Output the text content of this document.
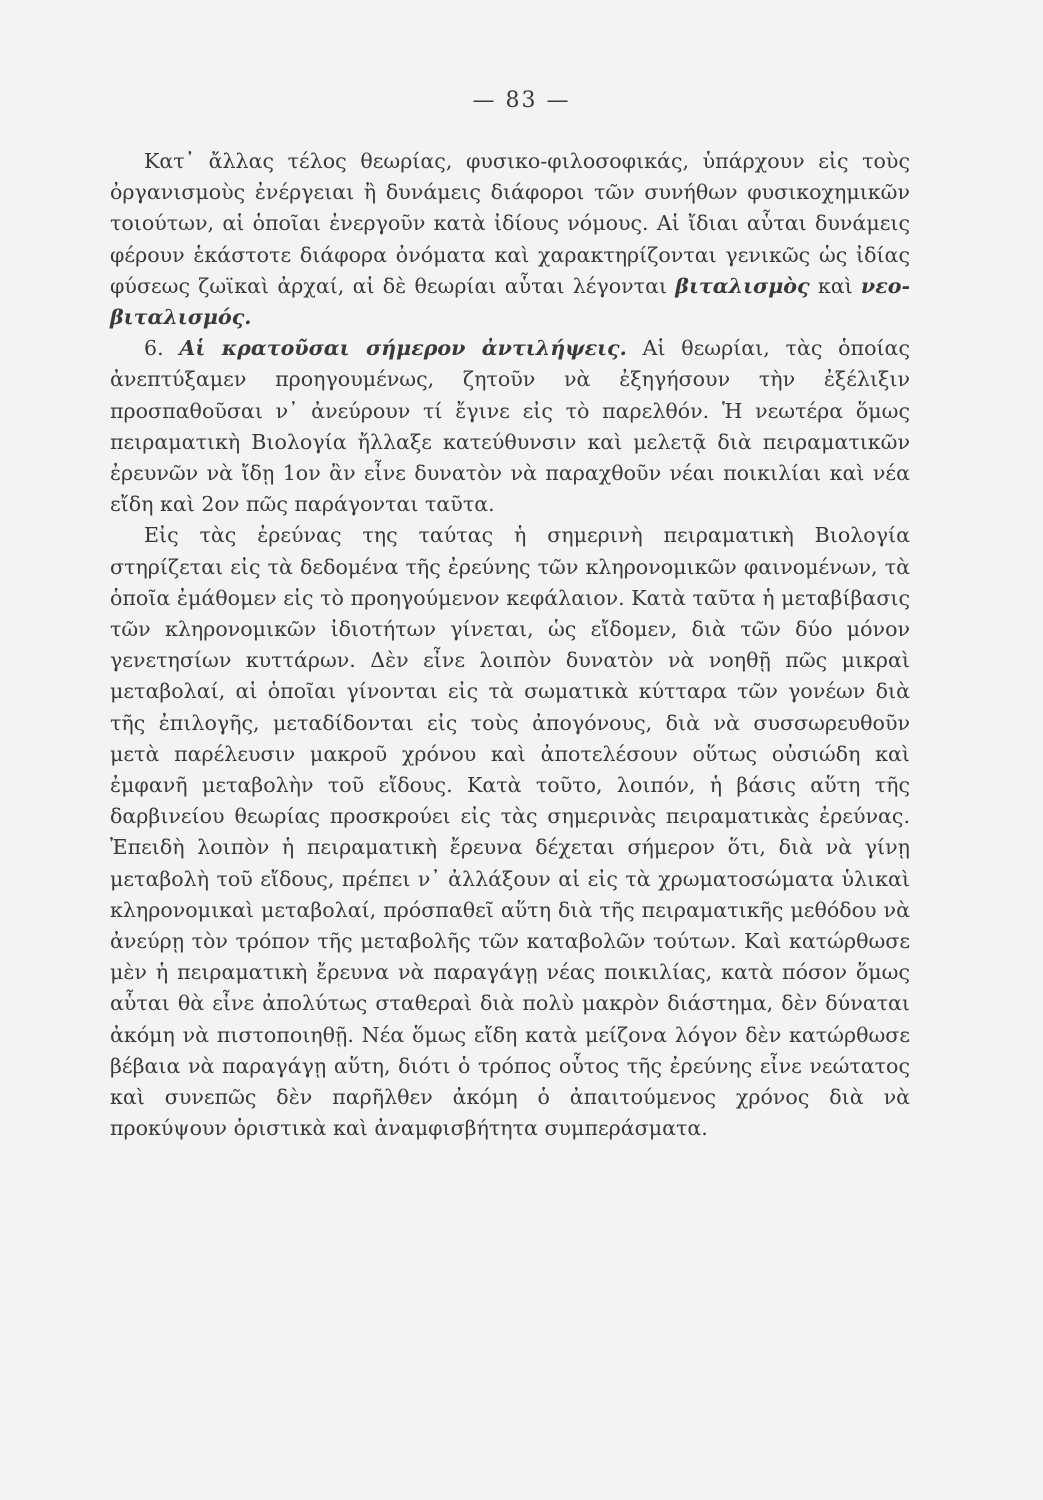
— 83 —

Κατ᾽ ἄλλας τέλος θεωρίας, φυσικο-φιλοσοφικάς, ὑπάρχουν εἰς τοὺς ὀργανισμοὺς ἐνέργειαι ἢ δυνάμεις διάφοροι τῶν συνήθων φυσικοχημικῶν τοιούτων, αἱ ὁποῖαι ἐνεργοῦν κατὰ ἰδίους νόμους. Αἱ ἴδιαι αὗται δυνάμεις φέρουν ἑκάστοτε διάφορα ὀνόματα καὶ χαρακτηρίζονται γενικῶς ὡς ἰδίας φύσεως ζωϊκαὶ ἀρχαί, αἱ δὲ θεωρίαι αὗται λέγονται βιταλισμὸς καὶ νεο-βιταλισμός.

6. Αἱ κρατοῦσαι σήμερον ἀντιλήψεις. Αἱ θεωρίαι, τὰς ὁποίας ἀνεπτύξαμεν προηγουμένως, ζητοῦν νὰ ἐξηγήσουν τὴν ἐξέλιξιν προσπαθοῦσαι ν᾽ ἀνεύρουν τί ἔγινε εἰς τὸ παρελθόν. Ἡ νεωτέρα ὅμως πειραματικὴ Βιολογία ἤλλαξε κατεύθυνσιν καὶ μελετᾷ διὰ πειραματικῶν ἐρευνῶν νὰ ἴδῃ 1ον ἂν εἶνε δυνατὸν νὰ παραχθοῦν νέαι ποικιλίαι καὶ νέα εἴδη καὶ 2ον πῶς παράγονται ταῦτα.

Εἰς τὰς ἐρεύνας της ταύτας ἡ σημερινὴ πειραματικὴ Βιολογία στηρίζεται εἰς τὰ δεδομένα τῆς ἐρεύνης τῶν κληρονομικῶν φαινομένων, τὰ ὁποῖα ἐμάθομεν εἰς τὸ προηγούμενον κεφάλαιον. Κατὰ ταῦτα ἡ μεταβίβασις τῶν κληρονομικῶν ἰδιοτήτων γίνεται, ὡς εἴδομεν, διὰ τῶν δύο μόνον γενετησίων κυττάρων. Δὲν εἶνε λοιπὸν δυνατὸν νὰ νοηθῇ πῶς μικραὶ μεταβολαί, αἱ ὁποῖαι γίνονται εἰς τὰ σωματικὰ κύτταρα τῶν γονέων διὰ τῆς ἐπιλογῆς, μεταδίδονται εἰς τοὺς ἀπογόνους, διὰ νὰ συσσωρευθοῦν μετὰ παρέλευσιν μακροῦ χρόνου καὶ ἀποτελέσουν οὕτως οὐσιώδη καὶ ἐμφανῆ μεταβολὴν τοῦ εἴδους. Κατὰ τοῦτο, λοιπόν, ἡ βάσις αὕτη τῆς δαρβινείου θεωρίας προσκρούει εἰς τὰς σημερινὰς πειραματικὰς ἐρεύνας. Ἐπειδὴ λοιπὸν ἡ πειραματικὴ ἔρευνα δέχεται σήμερον ὅτι, διὰ νὰ γίνῃ μεταβολὴ τοῦ εἴδους, πρέπει ν᾽ ἀλλάξουν αἱ εἰς τὰ χρωματοσώματα ὑλικαὶ κληρονομικαὶ μεταβολαί, πρόσπαθεῖ αὕτη διὰ τῆς πειραματικῆς μεθόδου νὰ ἀνεύρῃ τὸν τρόπον τῆς μεταβολῆς τῶν καταβολῶν τούτων. Καὶ κατώρθωσε μὲν ἡ πειραματικὴ ἔρευνα νὰ παραγάγῃ νέας ποικιλίας, κατὰ πόσον ὅμως αὗται θὰ εἶνε ἀπολύτως σταθεραὶ διὰ πολὺ μακρὸν διάστημα, δὲν δύναται ἀκόμη νὰ πιστοποιηθῇ. Νέα ὅμως εἴδη κατὰ μείζονα λόγον δὲν κατώρθωσε βέβαια νὰ παραγάγῃ αὕτη, διότι ὁ τρόπος οὗτος τῆς ἐρεύνης εἶνε νεώτατος καὶ συνεπῶς δὲν παρῆλθεν ἀκόμη ὁ ἀπαιτούμενος χρόνος διὰ νὰ προκύψουν ὁριστικὰ καὶ ἀναμφισβήτητα συμπεράσματα.
